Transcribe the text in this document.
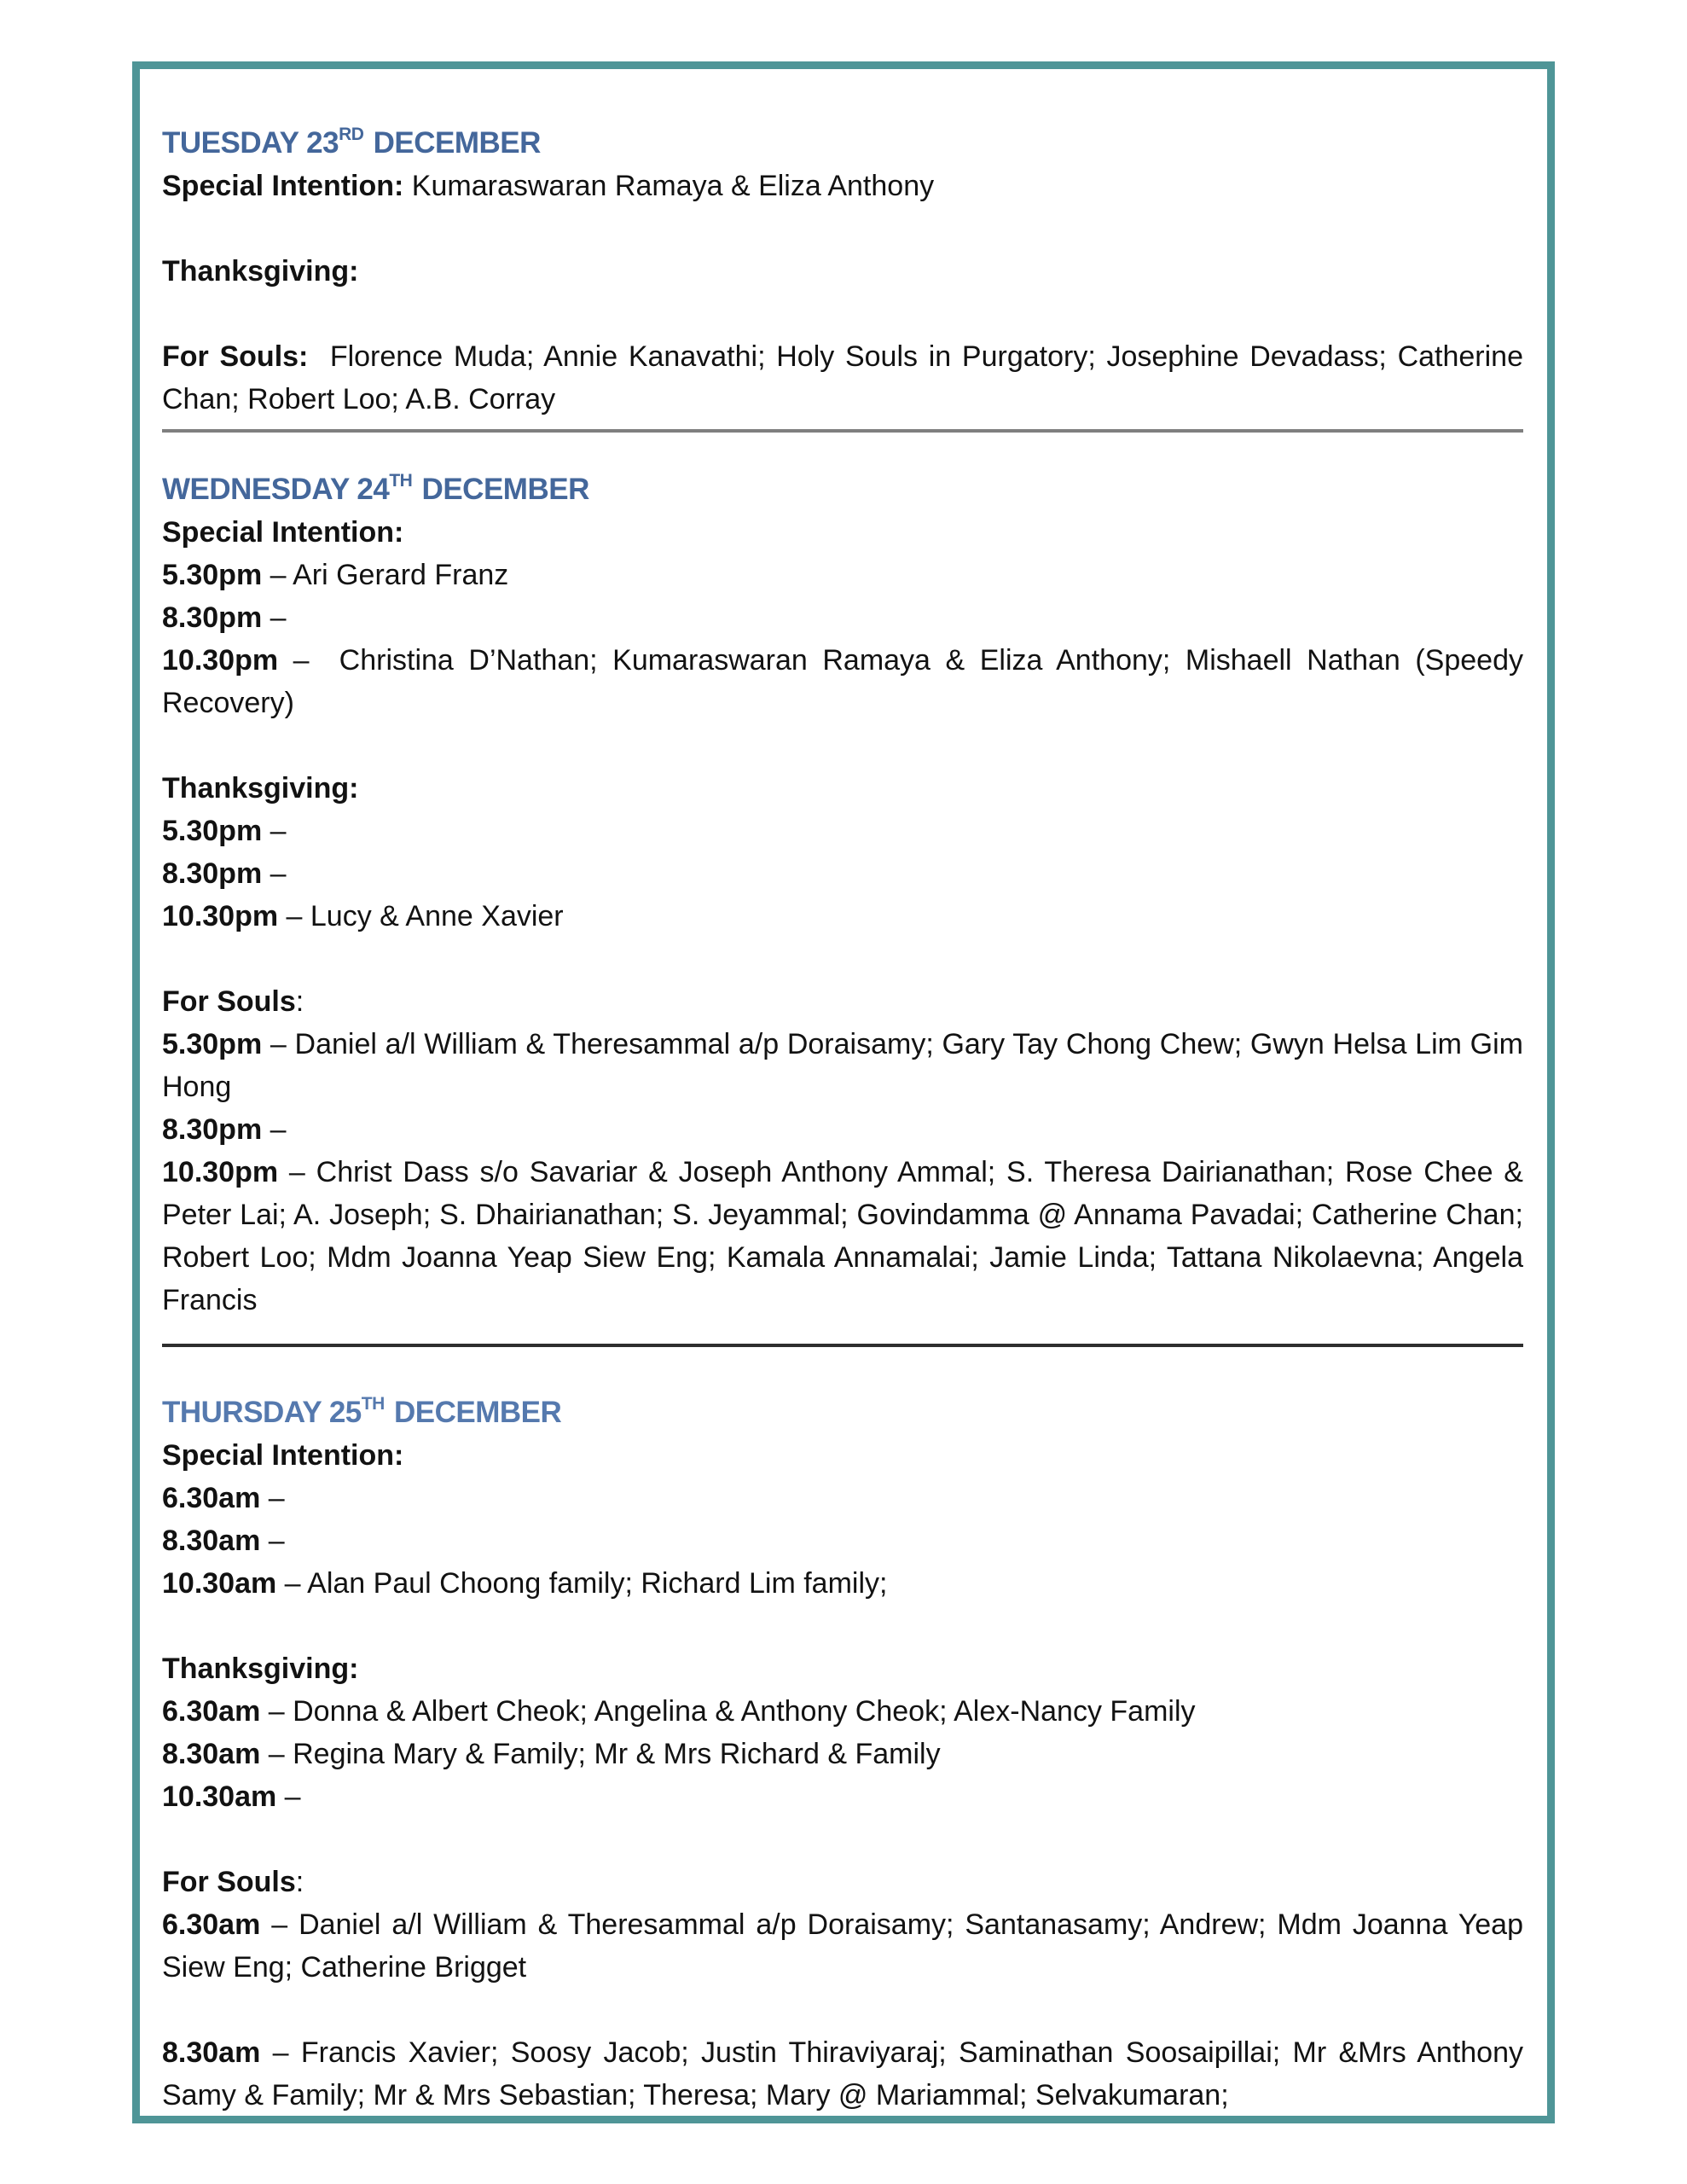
TUESDAY 23RD DECEMBER

Special Intention: Kumaraswaran Ramaya & Eliza Anthony

Thanksgiving:

For Souls:  Florence Muda; Annie Kanavathi; Holy Souls in Purgatory; Josephine Devadass; Catherine Chan; Robert Loo; A.B. Corray

WEDNESDAY 24TH DECEMBER

Special Intention:

5.30pm – Ari Gerard Franz

8.30pm –

10.30pm –  Christina D’Nathan; Kumaraswaran Ramaya & Eliza Anthony; Mishaell Nathan (Speedy Recovery)

Thanksgiving:

5.30pm –

8.30pm –

10.30pm – Lucy & Anne Xavier

For Souls:

5.30pm – Daniel a/l William & Theresammal a/p Doraisamy; Gary Tay Chong Chew; Gwyn Helsa Lim Gim Hong

8.30pm –

10.30pm – Christ Dass s/o Savariar & Joseph Anthony Ammal; S. Theresa Dairianathan; Rose Chee & Peter Lai; A. Joseph; S. Dhairianathan; S. Jeyammal; Govindamma @ Annama Pavadai; Catherine Chan; Robert Loo; Mdm Joanna Yeap Siew Eng; Kamala Annamalai; Jamie Linda; Tattana Nikolaevna; Angela Francis

THURSDAY 25TH DECEMBER

Special Intention:

6.30am –

8.30am –

10.30am – Alan Paul Choong family; Richard Lim family;

Thanksgiving:

6.30am – Donna & Albert Cheok; Angelina & Anthony Cheok; Alex-Nancy Family

8.30am – Regina Mary & Family; Mr & Mrs Richard & Family

10.30am –

For Souls:

6.30am – Daniel a/l William & Theresammal a/p Doraisamy; Santanasamy; Andrew; Mdm Joanna Yeap Siew Eng; Catherine Brigget

8.30am – Francis Xavier; Soosy Jacob; Justin Thiraviyaraj; Saminathan Soosaipillai; Mr &Mrs Anthony Samy & Family; Mr & Mrs Sebastian; Theresa; Mary @ Mariammal; Selvakumaran;
